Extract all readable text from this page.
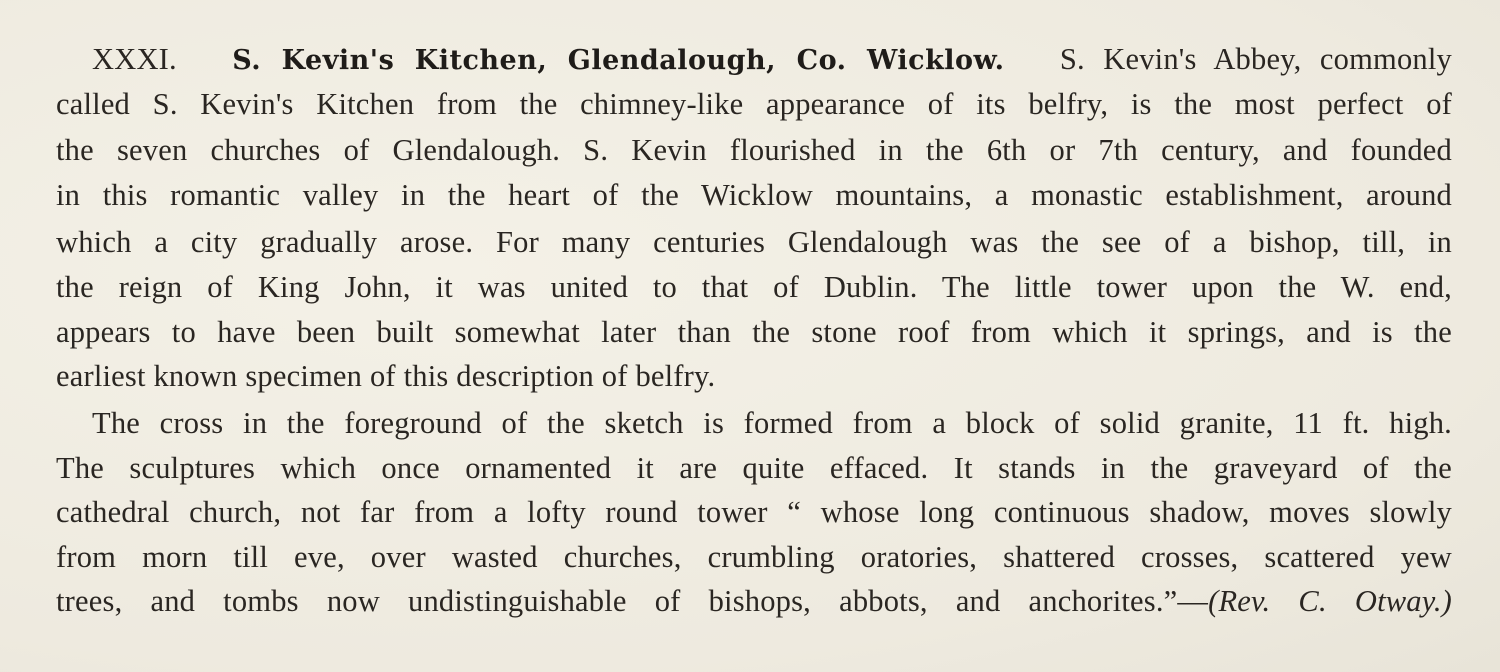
XXXI. S. Kevin's Kitchen, Glendalough, Co. Wicklow. S. Kevin's Abbey, commonly
called S. Kevin's Kitchen from the chimney-like appearance of its belfry, is the most perfect of
the seven churches of Glendalough. S. Kevin flourished in the 6th or 7th century, and founded
in this romantic valley in the heart of the Wicklow mountains, a monastic establishment, around
which a city gradually arose. For many centuries Glendalough was the see of a bishop, till, in
the reign of King John, it was united to that of Dublin. The little tower upon the W. end,
appears to have been built somewhat later than the stone roof from which it springs, and is the
earliest known specimen of this description of belfry.
The cross in the foreground of the sketch is formed from a block of solid granite, 11 ft. high.
The sculptures which once ornamented it are quite effaced. It stands in the graveyard of the
cathedral church, not far from a lofty round tower “ whose long continuous shadow, moves slowly
from morn till eve, over wasted churches, crumbling oratories, shattered crosses, scattered yew
trees, and tombs now undistinguishable of bishops, abbots, and anchorites.”—(Rev. C. Otway.)
